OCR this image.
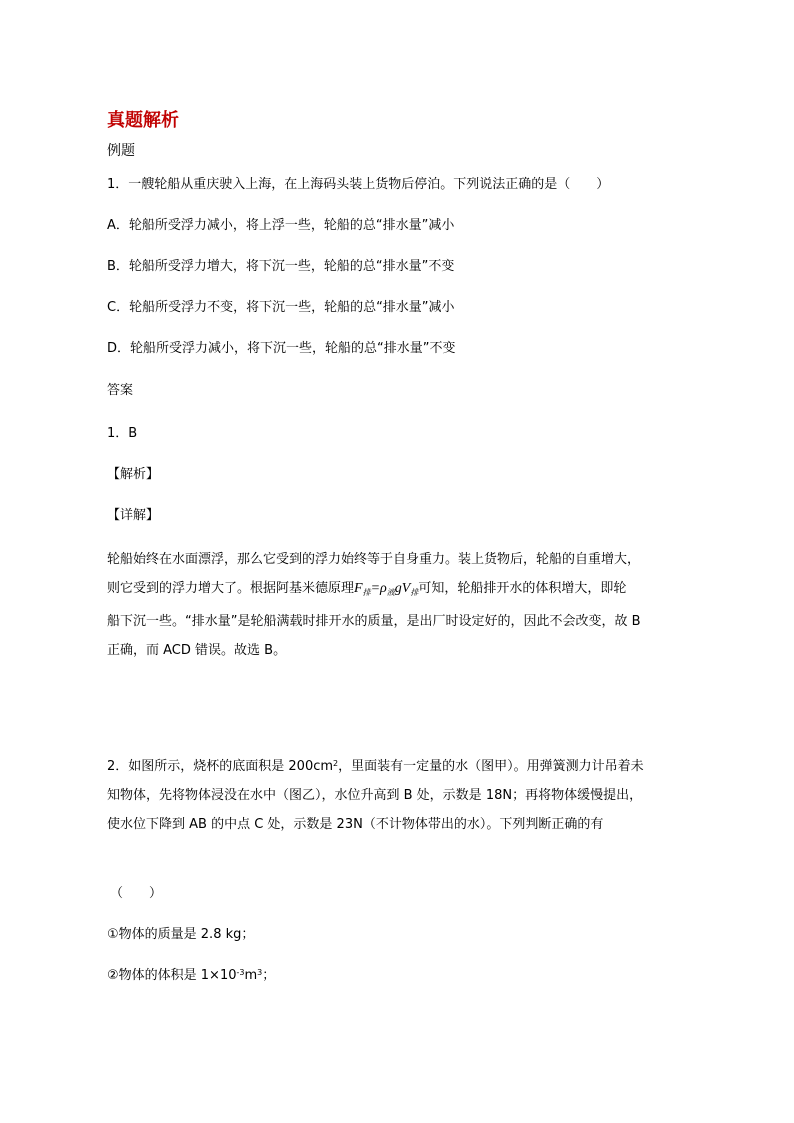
真题解析
例题
1．一艘轮船从重庆驶入上海，在上海码头装上货物后停泊。下列说法正确的是（　　）
A．轮船所受浮力减小，将上浮一些，轮船的总“排水量”减小
B．轮船所受浮力增大，将下沉一些，轮船的总“排水量”不变
C．轮船所受浮力不变，将下沉一些，轮船的总“排水量”减小
D．轮船所受浮力减小，将下沉一些，轮船的总“排水量”不变
答案
1．B
【解析】
【详解】

轮船始终在水面漂浮，那么它受到的浮力始终等于自身重力。装上货物后，轮船的自重增大，

则它受到的浮力增大了。根据阿基米德原理$F_排=\rho_液gV_排$可知，轮船排开水的体积增大，即轮

船下沉一些。“排水量”是轮船满载时排开水的质量，是出厂时设定好的，因此不会改变，故 B

正确，而 ACD 错误。故选 B。

2．如图所示，烧杯的底面积是 $200cm^2$，里面装有一定量的水（图甲）。用弹簧测力计吊着未

知物体，先将物体浸没在水中（图乙），水位升高到 B 处，示数是 18N；再将物体缓慢提出，

使水位下降到 AB 的中点 C 处，示数是 23N（不计物体带出的水）。下列判断正确的有

（　　）
①物体的质量是 2.8 kg；
②物体的体积是 $1\times 10^{-3}m^3$；
